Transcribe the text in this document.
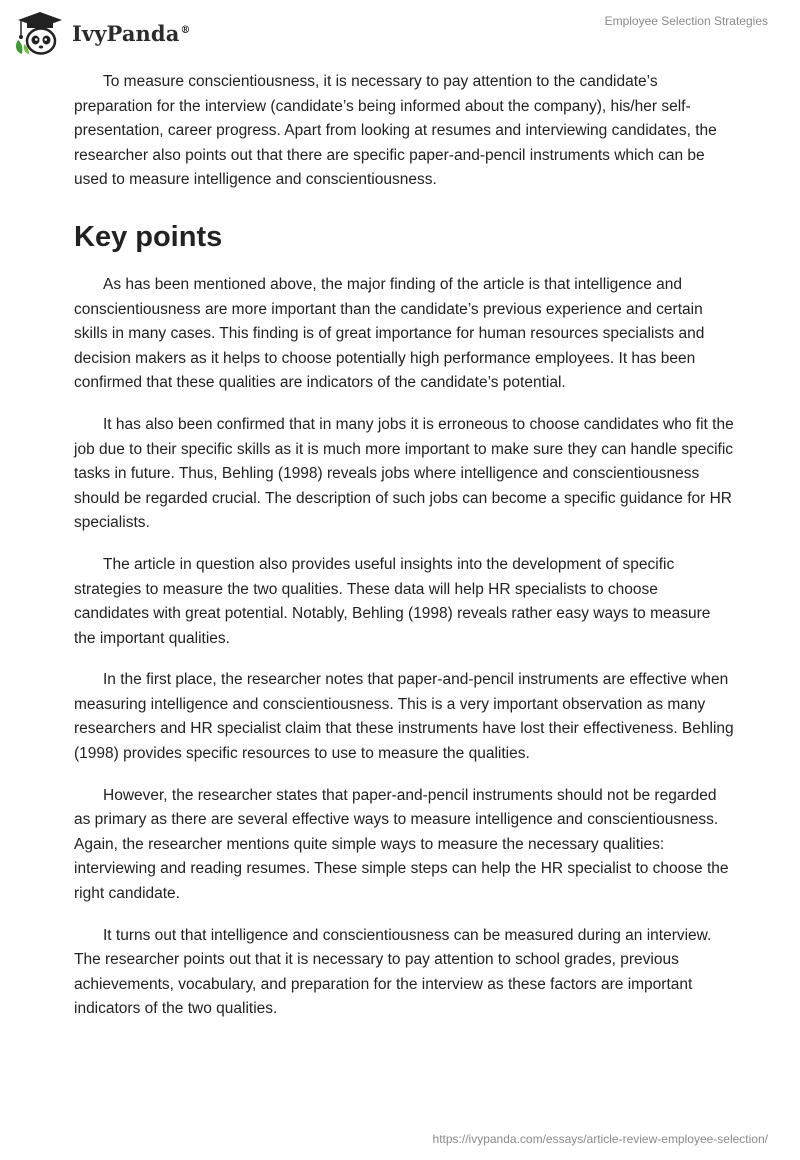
IvyPanda®
Employee Selection Strategies

To measure conscientiousness, it is necessary to pay attention to the candidate’s preparation for the interview (candidate’s being informed about the company), his/her self-presentation, career progress. Apart from looking at resumes and interviewing candidates, the researcher also points out that there are specific paper-and-pencil instruments which can be used to measure intelligence and conscientiousness.

Key points

As has been mentioned above, the major finding of the article is that intelligence and conscientiousness are more important than the candidate’s previous experience and certain skills in many cases. This finding is of great importance for human resources specialists and decision makers as it helps to choose potentially high performance employees. It has been confirmed that these qualities are indicators of the candidate’s potential.

It has also been confirmed that in many jobs it is erroneous to choose candidates who fit the job due to their specific skills as it is much more important to make sure they can handle specific tasks in future. Thus, Behling (1998) reveals jobs where intelligence and conscientiousness should be regarded crucial. The description of such jobs can become a specific guidance for HR specialists.

The article in question also provides useful insights into the development of specific strategies to measure the two qualities. These data will help HR specialists to choose candidates with great potential. Notably, Behling (1998) reveals rather easy ways to measure the important qualities.

In the first place, the researcher notes that paper-and-pencil instruments are effective when measuring intelligence and conscientiousness. This is a very important observation as many researchers and HR specialist claim that these instruments have lost their effectiveness. Behling (1998) provides specific resources to use to measure the qualities.

However, the researcher states that paper-and-pencil instruments should not be regarded as primary as there are several effective ways to measure intelligence and conscientiousness. Again, the researcher mentions quite simple ways to measure the necessary qualities: interviewing and reading resumes. These simple steps can help the HR specialist to choose the right candidate.

It turns out that intelligence and conscientiousness can be measured during an interview. The researcher points out that it is necessary to pay attention to school grades, previous achievements, vocabulary, and preparation for the interview as these factors are important indicators of the two qualities.

https://ivypanda.com/essays/article-review-employee-selection/
